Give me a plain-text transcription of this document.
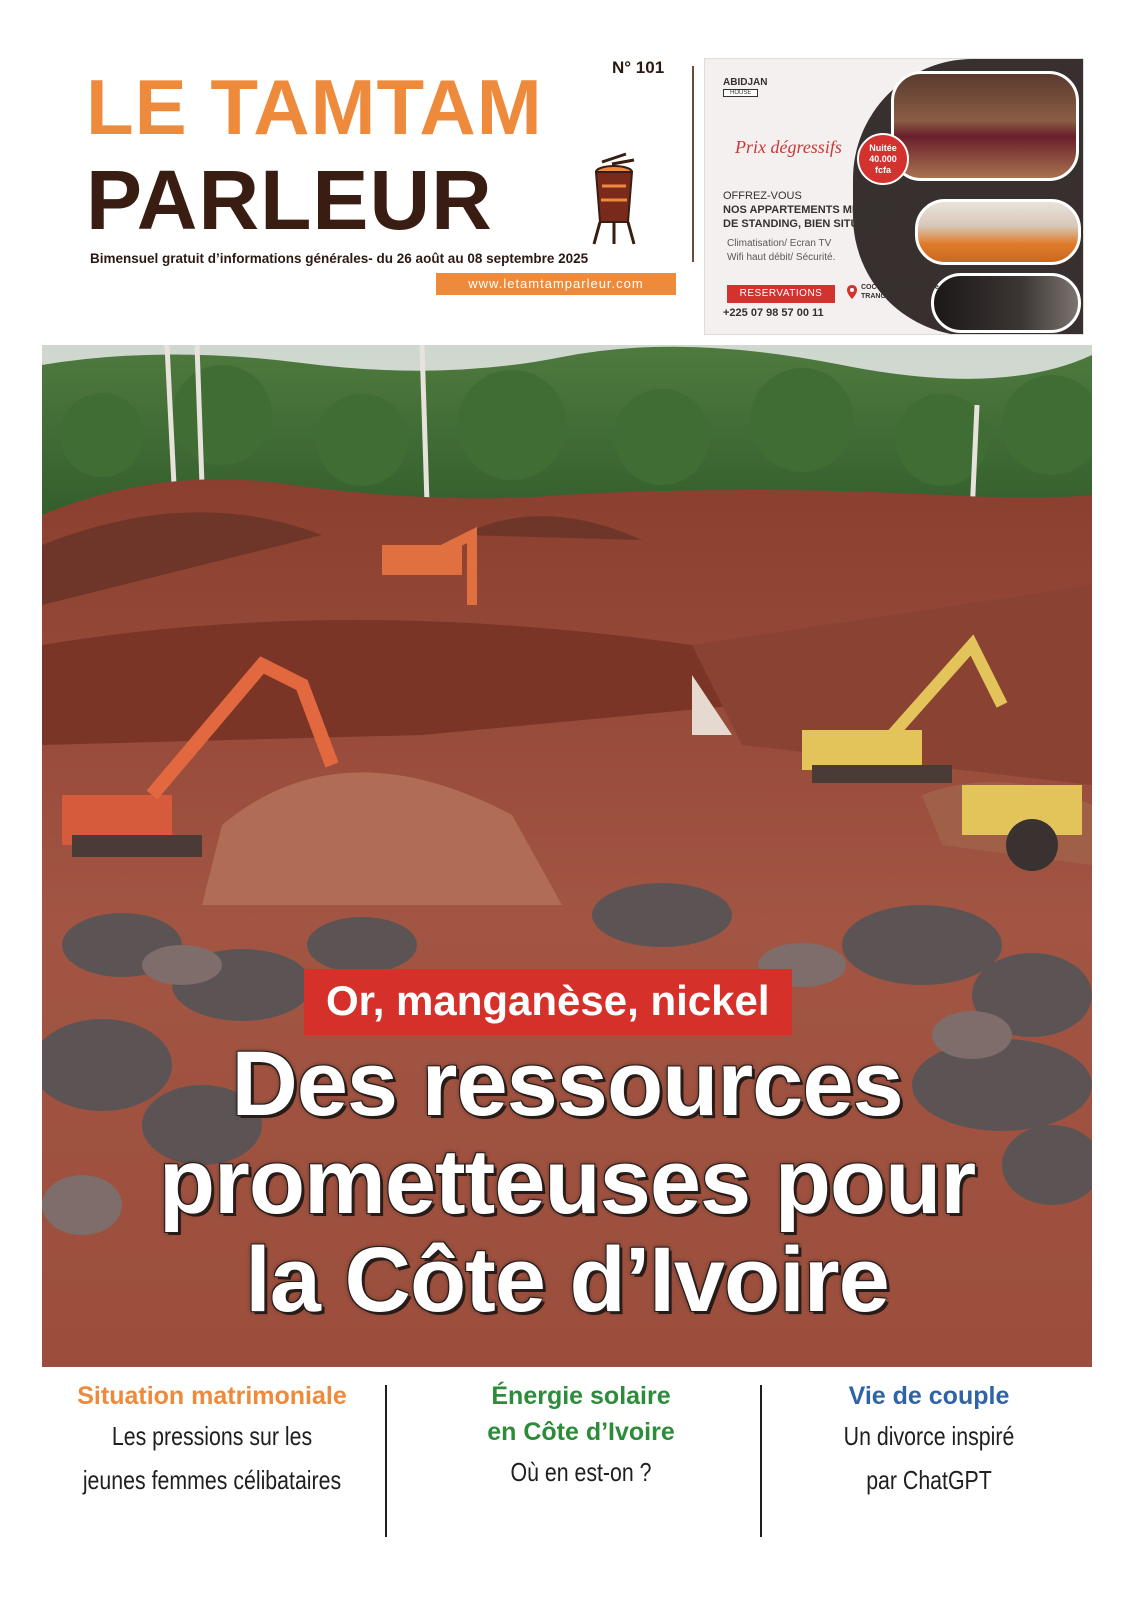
N° 101
LE TAMTAM
PARLEUR
Bimensuel gratuit d’informations générales- du 26 août au 08 septembre 2025
www.letamtamparleur.com
ABIDJAN
HOUSE
Prix dégressifs	Nuitée
40.000
fcfa
OFFREZ-VOUS
NOS APPARTEMENTS MEUBLÉS DE STANDING, BIEN SITUÉS.
Climatisation/ Ecran TV
Wifi haut débit/ Sécurité.
RESERVATIONS
+225 07 98 57 00 11
COCODY-ANGRÉ 8ème TRANCHE
Or, manganèse, nickel
Des ressources
prometteuses pour
la Côte d’Ivoire
Situation matrimoniale
Les pressions sur les
jeunes femmes célibataires
Énergie solaire
en Côte d’Ivoire
Où en est-on ?
Vie de couple
Un divorce inspiré
par ChatGPT
